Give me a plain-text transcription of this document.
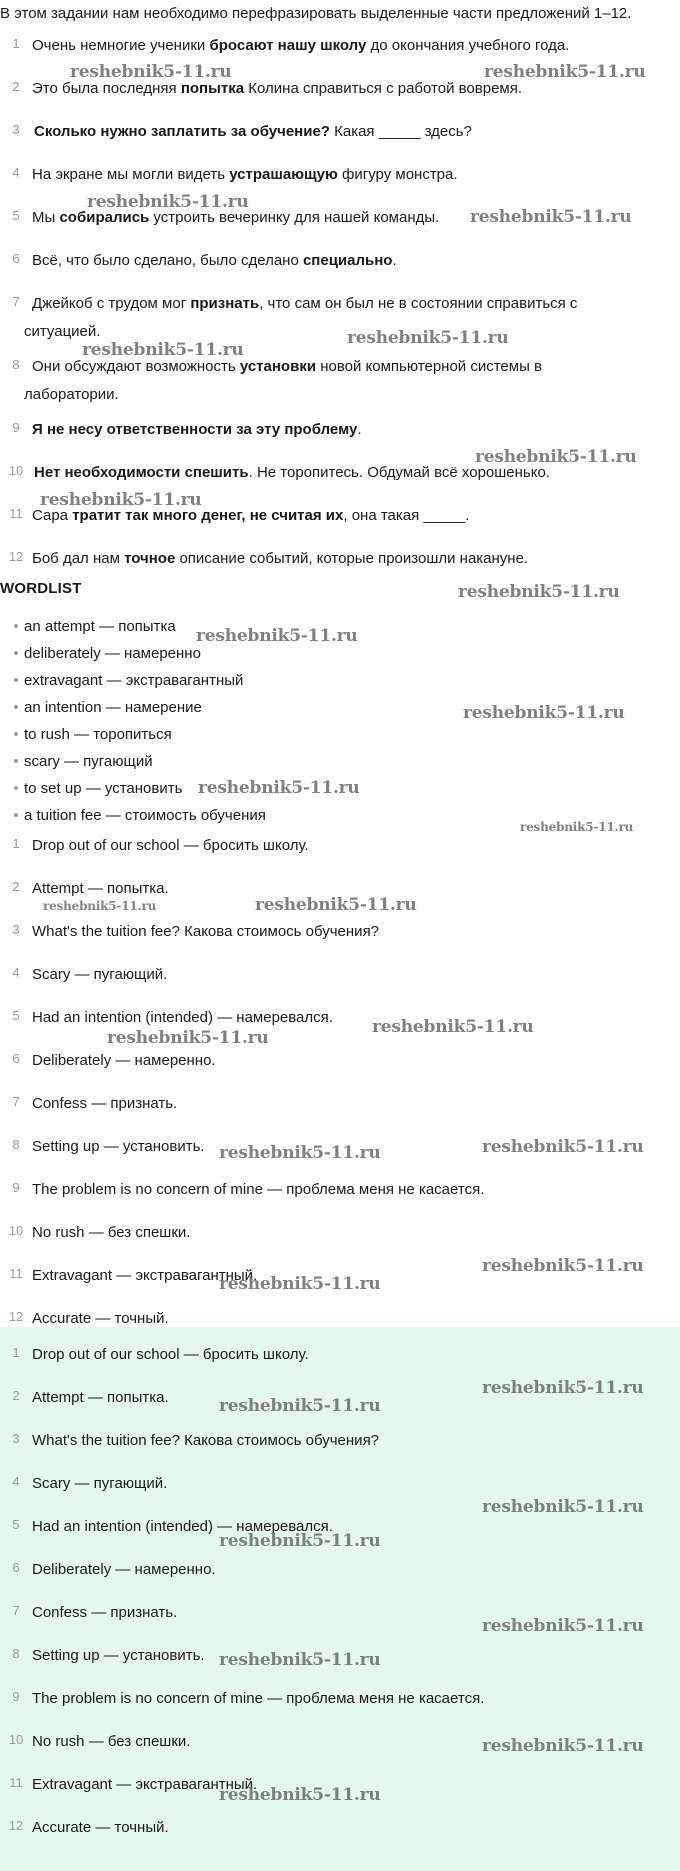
В этом задании нам необходимо перефразировать выделенные части предложений 1–12.
1 Очень немногие ученики бросают нашу школу до окончания учебного года.
2 Это была последняя попытка Колина справиться с работой вовремя.
3 Сколько нужно заплатить за обучение? Какая _____ здесь?
4 На экране мы могли видеть устрашающую фигуру монстра.
5 Мы собирались устроить вечеринку для нашей команды.
6 Всё, что было сделано, было сделано специально.
7 Джейкоб с трудом мог признать, что сам он был не в состоянии справиться с
ситуацией.
8 Они обсуждают возможность установки новой компьютерной системы в
лаборатории.
9 Я не несу ответственности за эту проблему.
10 Нет необходимости спешить. Не торопитесь. Обдумай всё хорошенько.
11 Сара тратит так много денег, не считая их, она такая _____.
12 Боб дал нам точное описание событий, которые произошли накануне.
WORDLIST
• an attempt — попытка
• deliberately — намеренно
• extravagant — экстравагантный
• an intention — намерение
• to rush — торопиться
• scary — пугающий
• to set up — установить
• a tuition fee — стоимость обучения
1 Drop out of our school — бросить школу.
2 Attempt — попытка.
3 What's the tuition fee? Какова стоимось обучения?
4 Scary — пугающий.
5 Had an intention (intended) — намеревался.
6 Deliberately — намеренно.
7 Confess — признать.
8 Setting up — установить.
9 The problem is no concern of mine — проблема меня не касается.
10 No rush — без спешки.
11 Extravagant — экстравагантный.
12 Accurate — точный.
1 Drop out of our school — бросить школу.
2 Attempt — попытка.
3 What's the tuition fee? Какова стоимось обучения?
4 Scary — пугающий.
5 Had an intention (intended) — намеревался.
6 Deliberately — намеренно.
7 Confess — признать.
8 Setting up — установить.
9 The problem is no concern of mine — проблема меня не касается.
10 No rush — без спешки.
11 Extravagant — экстравагантный.
12 Accurate — точный.
reshebnik5-11.ru	reshebnik5-11.ru
reshebnik5-11.ru
reshebnik5-11.ru
reshebnik5-11.ru
reshebnik5-11.ru
reshebnik5-11.ru
reshebnik5-11.ru
reshebnik5-11.ru
reshebnik5-11.ru
reshebnik5-11.ru
reshebnik5-11.ru
reshebnik5-11.ru
reshebnik5-11.ru	reshebnik5-11.ru
reshebnik5-11.ru
reshebnik5-11.ru
reshebnik5-11.ru	reshebnik5-11.ru
reshebnik5-11.ru
reshebnik5-11.ru
reshebnik5-11.ru
reshebnik5-11.ru
reshebnik5-11.ru
reshebnik5-11.ru
reshebnik5-11.ru
reshebnik5-11.ru
reshebnik5-11.ru
reshebnik5-11.ru
